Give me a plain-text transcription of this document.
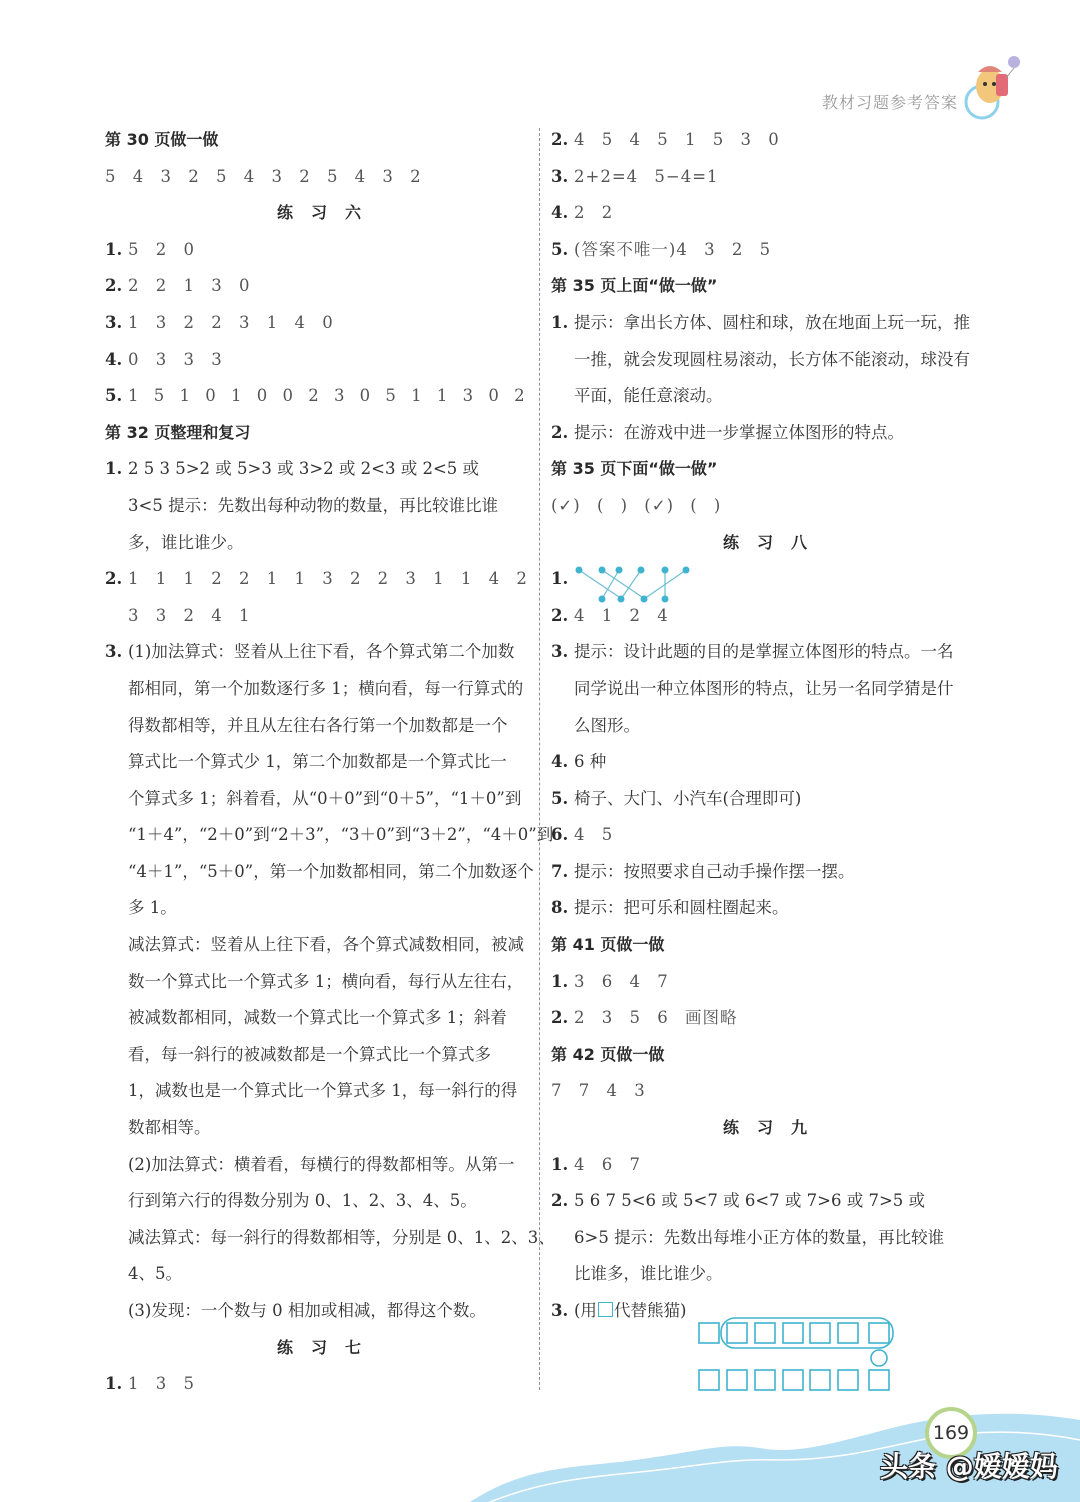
教材习题参考答案
第 30 页做一做
5 4 3 2 5 4 3 2 5 4 3 2
练习六
1. 5 2 0
2. 2 2 1 3 0
3. 1 3 2 2 3 1 4 0
4. 0 3 3 3
5. 1 5 1 0 1 0 0 2 3 0 5 1 1 3 0 2
第 32 页整理和复习
1. 2 5 3 5>2 或 5>3 或 3>2 或 2<3 或 2<5 或
3<5 提示：先数出每种动物的数量，再比较谁比谁
多，谁比谁少。
2. 1 1 1 2 2 1 1 3 2 2 3 1 1 4 2
3 3 2 4 1
3. (1)加法算式：竖着从上往下看，各个算式第二个加数
都相同，第一个加数逐行多 1；横向看，每一行算式的
得数都相等，并且从左往右各行第一个加数都是一个
算式比一个算式少 1，第二个加数都是一个算式比一
个算式多 1；斜着看，从“0＋0”到“0＋5”，“1＋0”到
“1＋4”，“2＋0”到“2＋3”，“3＋0”到“3＋2”，“4＋0”到
“4＋1”，“5＋0”，第一个加数都相同，第二个加数逐个
多 1。
减法算式：竖着从上往下看，各个算式减数相同，被减
数一个算式比一个算式多 1；横向看，每行从左往右，
被减数都相同，减数一个算式比一个算式多 1；斜着
看，每一斜行的被减数都是一个算式比一个算式多
1，减数也是一个算式比一个算式多 1，每一斜行的得
数都相等。
(2)加法算式：横着看，每横行的得数都相等。从第一
行到第六行的得数分别为 0、1、2、3、4、5。
减法算式：每一斜行的得数都相等，分别是 0、1、2、3、
4、5。
(3)发现：一个数与 0 相加或相减，都得这个数。
练习七
1. 1 3 5
2. 4 5 4 5 1 5 3 0
3. 2+2=4 5−4=1
4. 2 2
5. (答案不唯一)4 3 2 5
第 35 页上面“做一做”
1. 提示：拿出长方体、圆柱和球，放在地面上玩一玩，推
一推，就会发现圆柱易滚动，长方体不能滚动，球没有
平面，能任意滚动。
2. 提示：在游戏中进一步掌握立体图形的特点。
第 35 页下面“做一做”
(✓) ( ) (✓) ( )
练习八
1.
2. 4 1 2 4
3. 提示：设计此题的目的是掌握立体图形的特点。一名
同学说出一种立体图形的特点，让另一名同学猜是什
么图形。
4. 6 种
5. 椅子、大门、小汽车(合理即可)
6. 4 5
7. 提示：按照要求自己动手操作摆一摆。
8. 提示：把可乐和圆柱圈起来。
第 41 页做一做
1. 3 6 4 7
2. 2 3 5 6 画图略
第 42 页做一做
7 7 4 3
练习九
1. 4 6 7
2. 5 6 7 5<6 或 5<7 或 6<7 或 7>6 或 7>5 或
6>5 提示：先数出每堆小正方体的数量，再比较谁
比谁多，谁比谁少。
3. (用 代替熊猫)
169
头条 @嫒嫒妈
